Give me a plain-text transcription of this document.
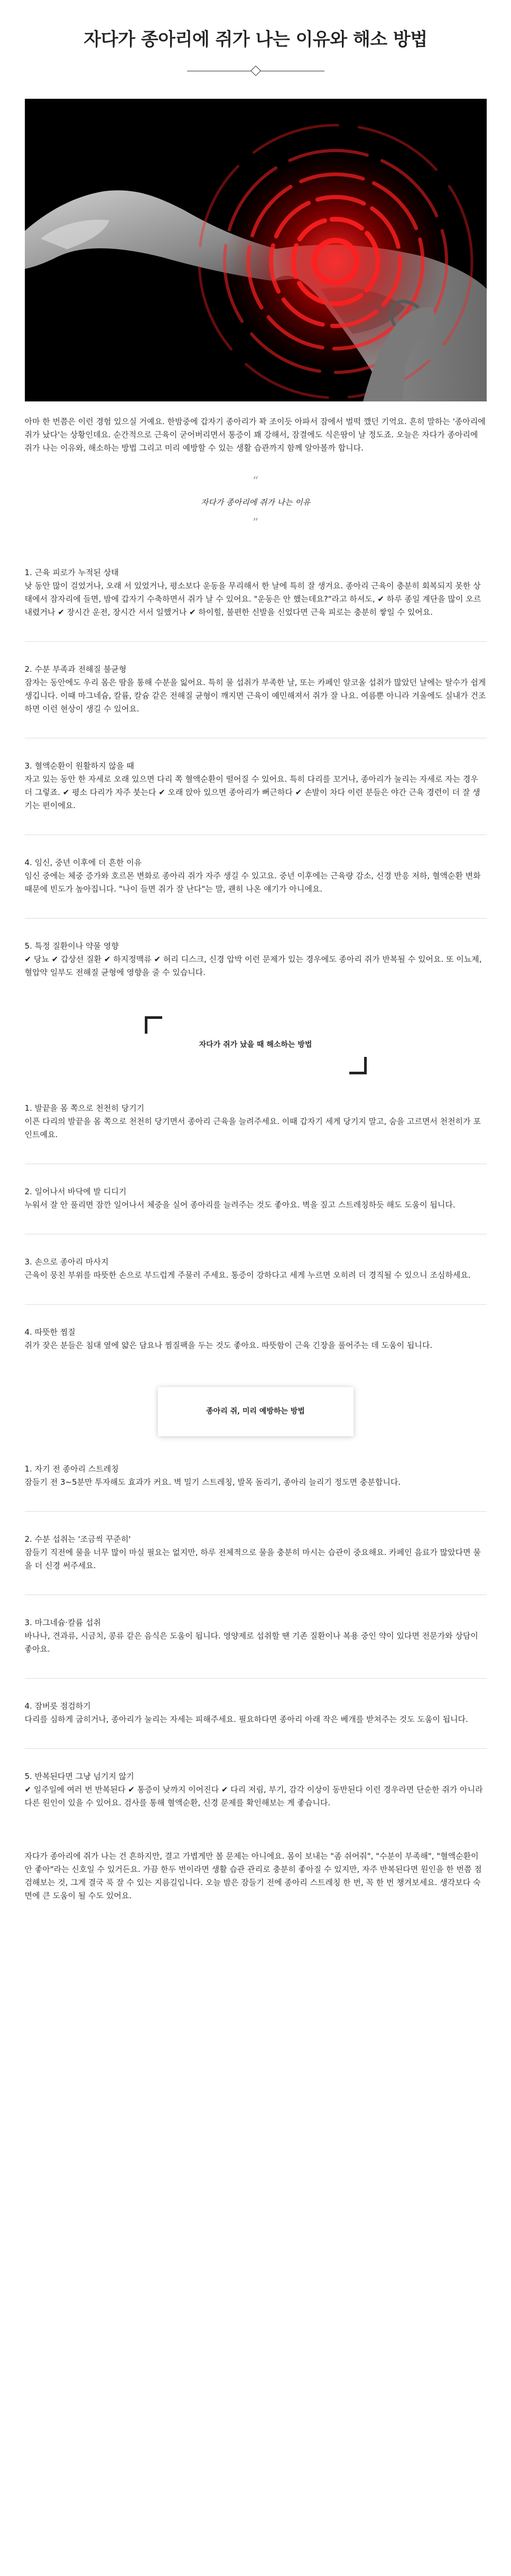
자다가 종아리에 쥐가 나는 이유와 해소 방법

아마 한 번쯤은 이런 경험 있으실 거예요. 한밤중에 갑자기 종아리가 꽉 조이듯 아파서 잠에서 벌떡 깼던 기억요. 흔히 말하는 '종아리에 쥐가 났다'는 상황인데요. 순간적으로 근육이 굳어버리면서 통증이 꽤 강해서, 잠결에도 식은땀이 날 정도죠. 오늘은 자다가 종아리에 쥐가 나는 이유와, 해소하는 방법 그리고 미리 예방할 수 있는 생활 습관까지 함께 알아볼까 합니다.

“
자다가 종아리에 쥐가 나는 이유
”

1. 근육 피로가 누적된 상태

낮 동안 많이 걸었거나, 오래 서 있었거나, 평소보다 운동을 무리해서 한 날에 특히 잘 생겨요. 종아리 근육이 충분히 회복되지 못한 상태에서 잠자리에 들면, 밤에 갑자기 수축하면서 쥐가 날 수 있어요. "운동은 안 했는데요?"라고 하셔도, ✔ 하루 종일 계단을 많이 오르내렸거나 ✔ 장시간 운전, 장시간 서서 일했거나 ✔ 하이힐, 불편한 신발을 신었다면 근육 피로는 충분히 쌓일 수 있어요.

2. 수분 부족과 전해질 불균형

잠자는 동안에도 우리 몸은 땀을 통해 수분을 잃어요. 특히 물 섭취가 부족한 날, 또는 카페인 알코올 섭취가 많았던 날에는 탈수가 쉽게 생깁니다. 이때 마그네슘, 칼륨, 칼슘 같은 전해질 균형이 깨지면 근육이 예민해져서 쥐가 잘 나요. 여름뿐 아니라 겨울에도 실내가 건조하면 이런 현상이 생길 수 있어요.

3. 혈액순환이 원활하지 않을 때

자고 있는 동안 한 자세로 오래 있으면 다리 쪽 혈액순환이 떨어질 수 있어요. 특히 다리를 꼬거나, 종아리가 눌리는 자세로 자는 경우 더 그렇죠. ✔ 평소 다리가 자주 붓는다 ✔ 오래 앉아 있으면 종아리가 뻐근하다 ✔ 손발이 차다 이런 분들은 야간 근육 경련이 더 잘 생기는 편이에요.

4. 임신, 중년 이후에 더 흔한 이유

임신 중에는 체중 증가와 호르몬 변화로 종아리 쥐가 자주 생길 수 있고요. 중년 이후에는 근육량 감소, 신경 반응 저하, 혈액순환 변화 때문에 빈도가 높아집니다. "나이 들면 쥐가 잘 난다"는 말, 괜히 나온 얘기가 아니에요.

5. 특정 질환이나 약물 영향

✔ 당뇨 ✔ 갑상선 질환 ✔ 하지정맥류 ✔ 허리 디스크, 신경 압박 이런 문제가 있는 경우에도 종아리 쥐가 반복될 수 있어요. 또 이뇨제, 혈압약 일부도 전해질 균형에 영향을 줄 수 있습니다.

자다가 쥐가 났을 때 해소하는 방법

1. 발끝을 몸 쪽으로 천천히 당기기

이픈 다리의 발끝을 몸 쪽으로 천천히 당기면서 종아리 근육을 늘려주세요. 이때 갑자기 세게 당기지 말고, 숨을 고르면서 천천히가 포인트예요.

2. 일어나서 바닥에 발 디디기

누워서 잘 안 풀리면 잠깐 일어나서 체중을 실어 종아리를 늘려주는 것도 좋아요. 벽을 짚고 스트레칭하듯 해도 도움이 됩니다.

3. 손으로 종아리 마사지

근육이 뭉친 부위를 따뜻한 손으로 부드럽게 주물러 주세요. 통증이 강하다고 세게 누르면 오히려 더 경직될 수 있으니 조심하세요.

4. 따뜻한 찜질

쥐가 잦은 분들은 침대 옆에 얇은 담요나 찜질팩을 두는 것도 좋아요. 따뜻함이 근육 긴장을 풀어주는 데 도움이 됩니다.

종아리 쥐, 미리 예방하는 방법

1. 자기 전 종아리 스트레칭

잠들기 전 3~5분만 투자해도 효과가 커요. 벽 밀기 스트레칭, 발목 돌리기, 종아리 늘리기 정도면 충분합니다.

2. 수분 섭취는 '조금씩 꾸준히'

잠들기 직전에 물을 너무 많이 마실 필요는 없지만, 하루 전체적으로 물을 충분히 마시는 습관이 중요해요. 카페인 음료가 많았다면 물을 더 신경 써주세요.

3. 마그네슘·칼륨 섭취

바나나, 견과류, 시금치, 콩류 같은 음식은 도움이 됩니다. 영양제로 섭취할 땐 기존 질환이나 복용 중인 약이 있다면 전문가와 상담이 좋아요.

4. 잠버릇 점검하기

다리를 심하게 굽히거나, 종아리가 눌리는 자세는 피해주세요. 필요하다면 종아리 아래 작은 베개를 받쳐주는 것도 도움이 됩니다.

5. 반복된다면 그냥 넘기지 않기

✔ 일주일에 여러 번 반복된다 ✔ 통증이 낮까지 이어진다 ✔ 다리 저림, 부기, 감각 이상이 동반된다 이런 경우라면 단순한 쥐가 아니라 다른 원인이 있을 수 있어요. 검사를 통해 혈액순환, 신경 문제를 확인해보는 게 좋습니다.

자다가 종아리에 쥐가 나는 건 흔하지만, 결고 가볍게만 볼 문제는 아니에요. 몸이 보내는 "좀 쉬어줘", "수분이 부족해", "혈액순환이 안 좋아"라는 신호일 수 있거든요. 가끔 한두 번이라면 생활 습관 관리로 충분히 좋아질 수 있지만, 자주 반복된다면 원인을 한 번쯤 점검해보는 것, 그게 결국 푹 잘 수 있는 지름길입니다. 오늘 밤은 잠들기 전에 종아리 스트레칭 한 번, 꼭 한 번 챙겨보세요. 생각보다 숙면에 큰 도움이 될 수도 있어요.
